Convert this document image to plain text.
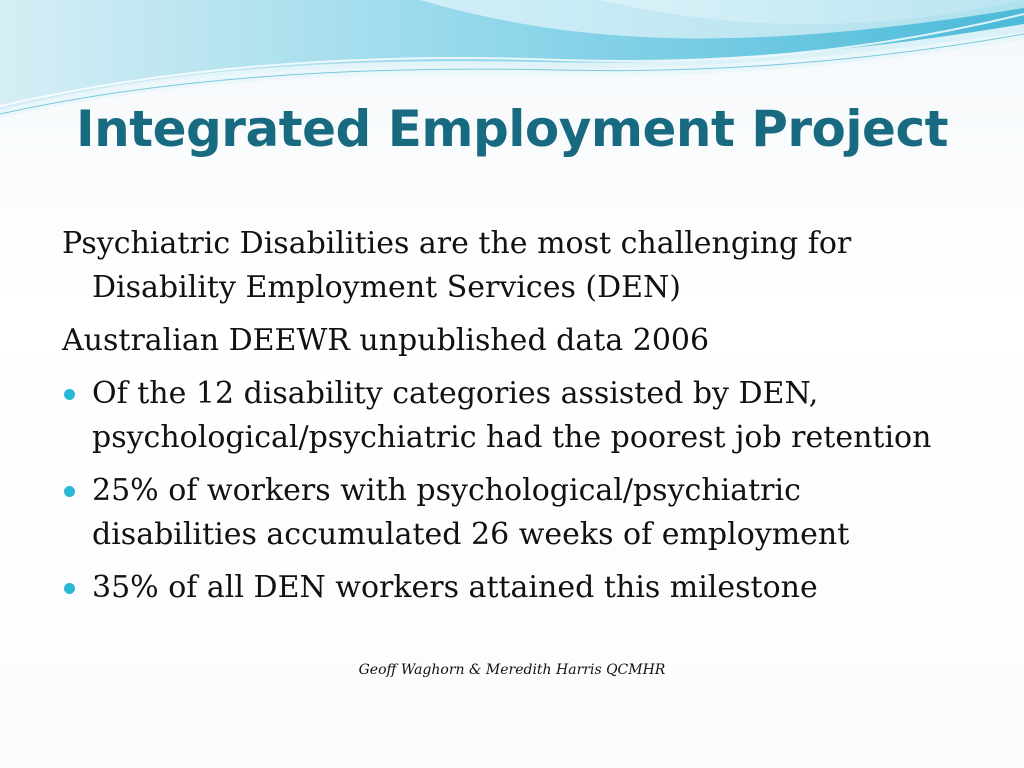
Integrated Employment Project

Psychiatric Disabilities are the most challenging for Disability Employment Services (DEN)

Australian DEEWR unpublished data 2006

Of the 12 disability categories assisted by DEN, psychological/psychiatric had the poorest job retention
25% of workers with psychological/psychiatric disabilities accumulated 26 weeks of employment
35% of all DEN workers attained this milestone
Geoff Waghorn & Meredith Harris QCMHR
